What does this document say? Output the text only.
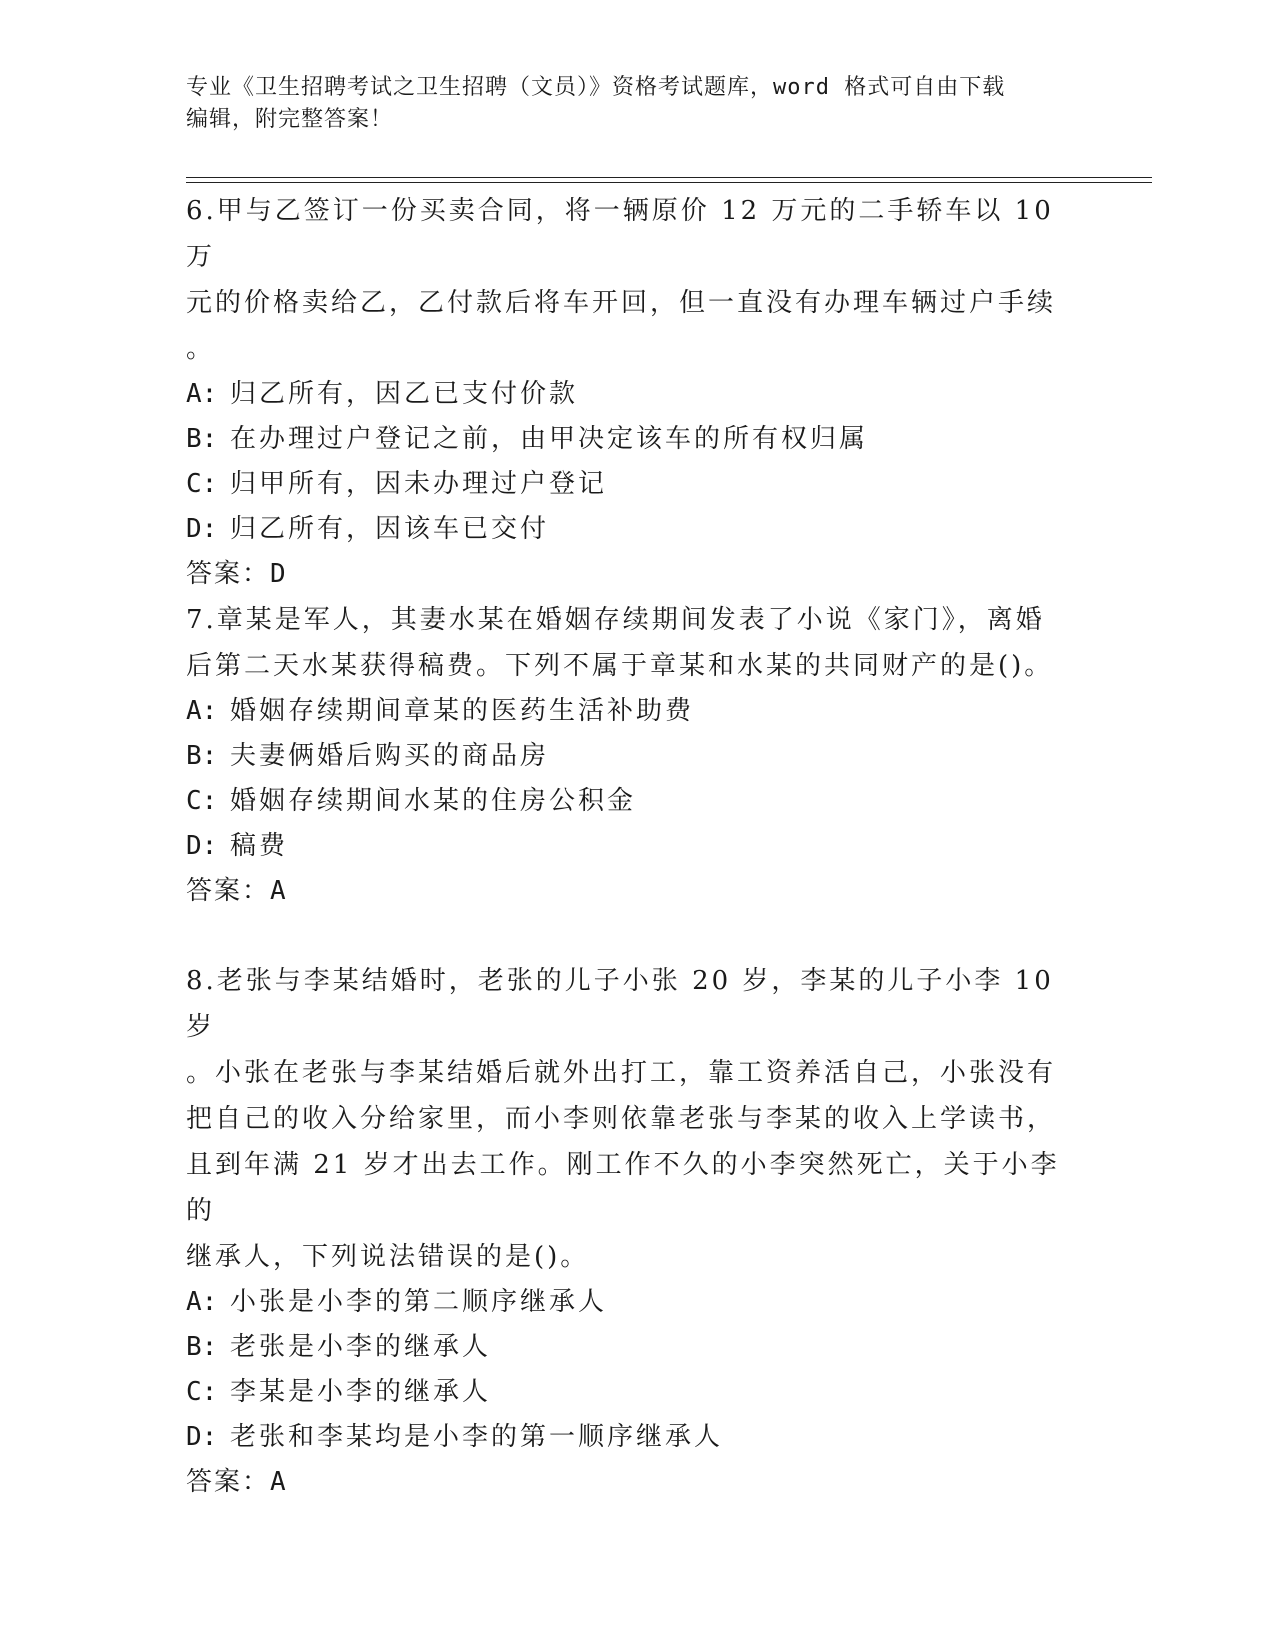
专业《卫生招聘考试之卫生招聘（文员）》资格考试题库，word 格式可自由下载
编辑，附完整答案！

6.甲与乙签订一份买卖合同，将一辆原价 12 万元的二手轿车以 10 万

元的价格卖给乙，乙付款后将车开回，但一直没有办理车辆过户手续

。

A: 归乙所有，因乙已支付价款

B: 在办理过户登记之前，由甲决定该车的所有权归属

C: 归甲所有，因未办理过户登记

D: 归乙所有，因该车已交付

答案：D

7.章某是军人，其妻水某在婚姻存续期间发表了小说《家门》，离婚

后第二天水某获得稿费。下列不属于章某和水某的共同财产的是()。

A: 婚姻存续期间章某的医药生活补助费

B: 夫妻俩婚后购买的商品房

C: 婚姻存续期间水某的住房公积金

D: 稿费

答案：A

8.老张与李某结婚时，老张的儿子小张 20 岁，李某的儿子小李 10 岁

。小张在老张与李某结婚后就外出打工，靠工资养活自己，小张没有

把自己的收入分给家里，而小李则依靠老张与李某的收入上学读书，

且到年满 21 岁才出去工作。刚工作不久的小李突然死亡，关于小李的

继承人，下列说法错误的是()。

A: 小张是小李的第二顺序继承人

B: 老张是小李的继承人

C: 李某是小李的继承人

D: 老张和李某均是小李的第一顺序继承人

答案：A
